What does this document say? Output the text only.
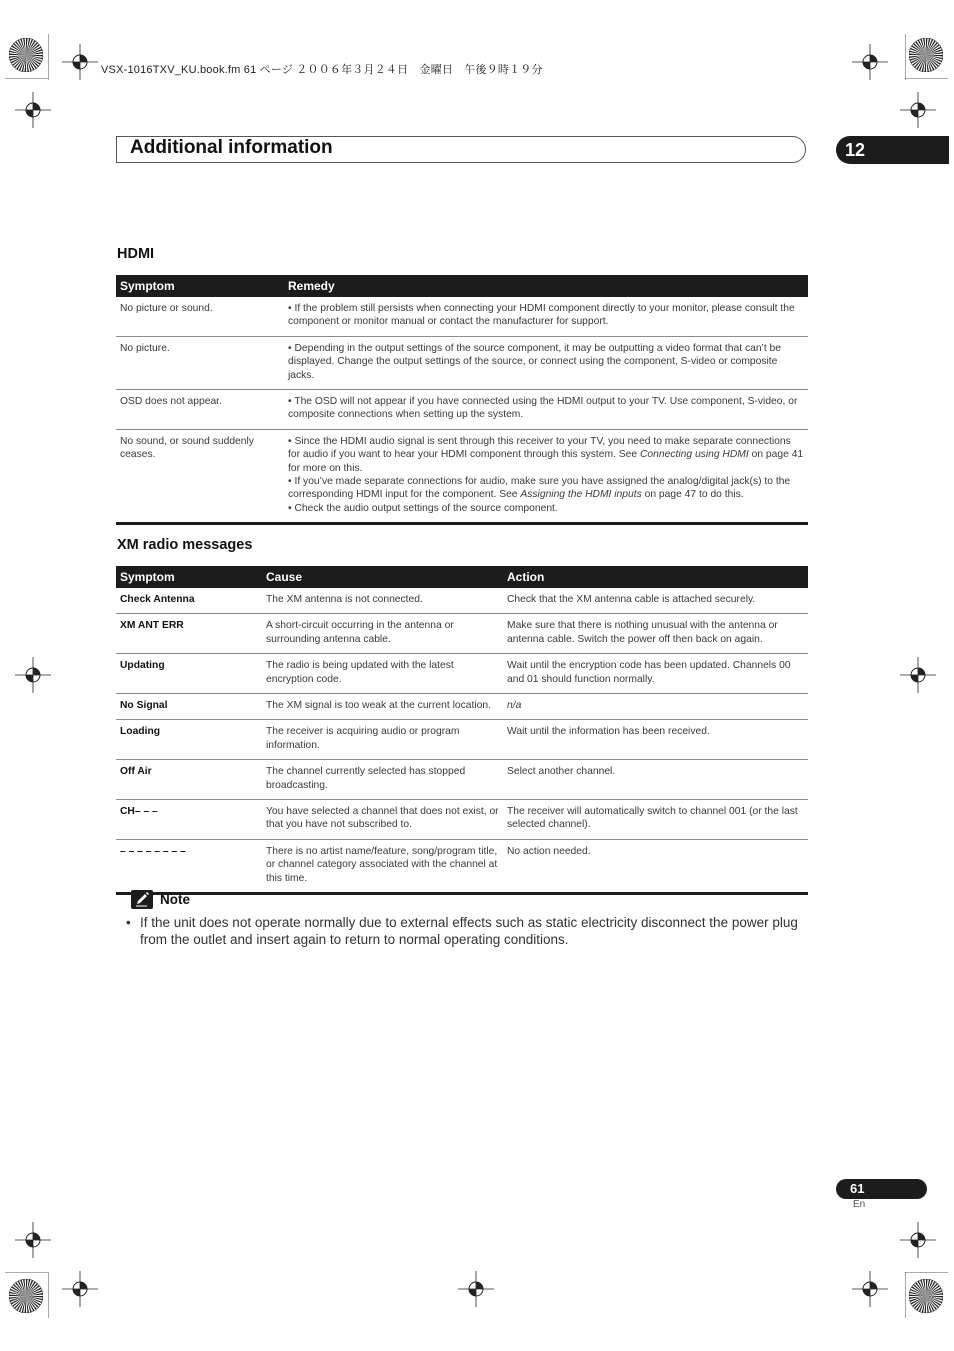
VSX-1016TXV_KU.book.fm 61 ページ ２００６年３月２４日　金曜日　午後９時１９分
Additional information	12
HDMI
Symptom	Remedy
No picture or sound.	• If the problem still persists when connecting your HDMI component directly to your monitor, please consult the component or monitor manual or contact the manufacturer for support.
No picture.	• Depending in the output settings of the source component, it may be outputting a video format that can’t be displayed. Change the output settings of the source, or connect using the component, S-video or composite jacks.
OSD does not appear.	• The OSD will not appear if you have connected using the HDMI output to your TV. Use component, S-video, or composite connections when setting up the system.
No sound, or sound suddenly ceases.	• Since the HDMI audio signal is sent through this receiver to your TV, you need to make separate connections for audio if you want to hear your HDMI component through this system. See Connecting using HDMI on page 41 for more on this.
• If you’ve made separate connections for audio, make sure you have assigned the analog/digital jack(s) to the corresponding HDMI input for the component. See Assigning the HDMI inputs on page 47 to do this.
• Check the audio output settings of the source component.
XM radio messages
Symptom	Cause	Action
Check Antenna	The XM antenna is not connected.	Check that the XM antenna cable is attached securely.
XM ANT ERR	A short-circuit occurring in the antenna or surrounding antenna cable.	Make sure that there is nothing unusual with the antenna or antenna cable. Switch the power off then back on again.
Updating	The radio is being updated with the latest encryption code.	Wait until the encryption code has been updated. Channels 00 and 01 should function normally.
No Signal	The XM signal is too weak at the current location.	n/a
Loading	The receiver is acquiring audio or program information.	Wait until the information has been received.
Off Air	The channel currently selected has stopped broadcasting.	Select another channel.
CH– – –	You have selected a channel that does not exist, or that you have not subscribed to.	The receiver will automatically switch to channel 001 (or the last selected channel).
– – – – – – – –	There is no artist name/feature, song/program title, or channel category associated with the channel at this time.	No action needed.
Note
• If the unit does not operate normally due to external effects such as static electricity disconnect the power plug from the outlet and insert again to return to normal operating conditions.
61
En
